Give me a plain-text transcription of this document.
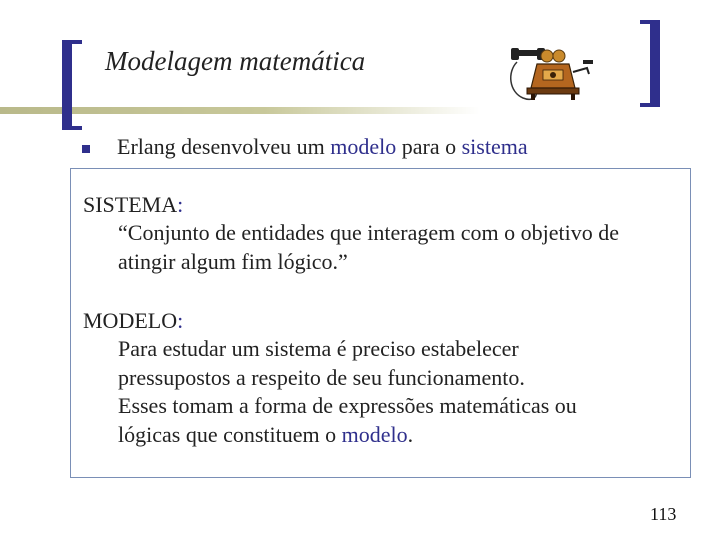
Modelagem matemática
Erlang desenvolveu um modelo para o sistema
SISTEMA:
“Conjunto de entidades que interagem com o objetivo de
atingir algum fim lógico.”
MODELO:
Para estudar um sistema é preciso estabelecer
pressupostos a respeito de seu funcionamento.
Esses tomam a forma de expressões matemáticas ou
lógicas que constituem o modelo.
113
